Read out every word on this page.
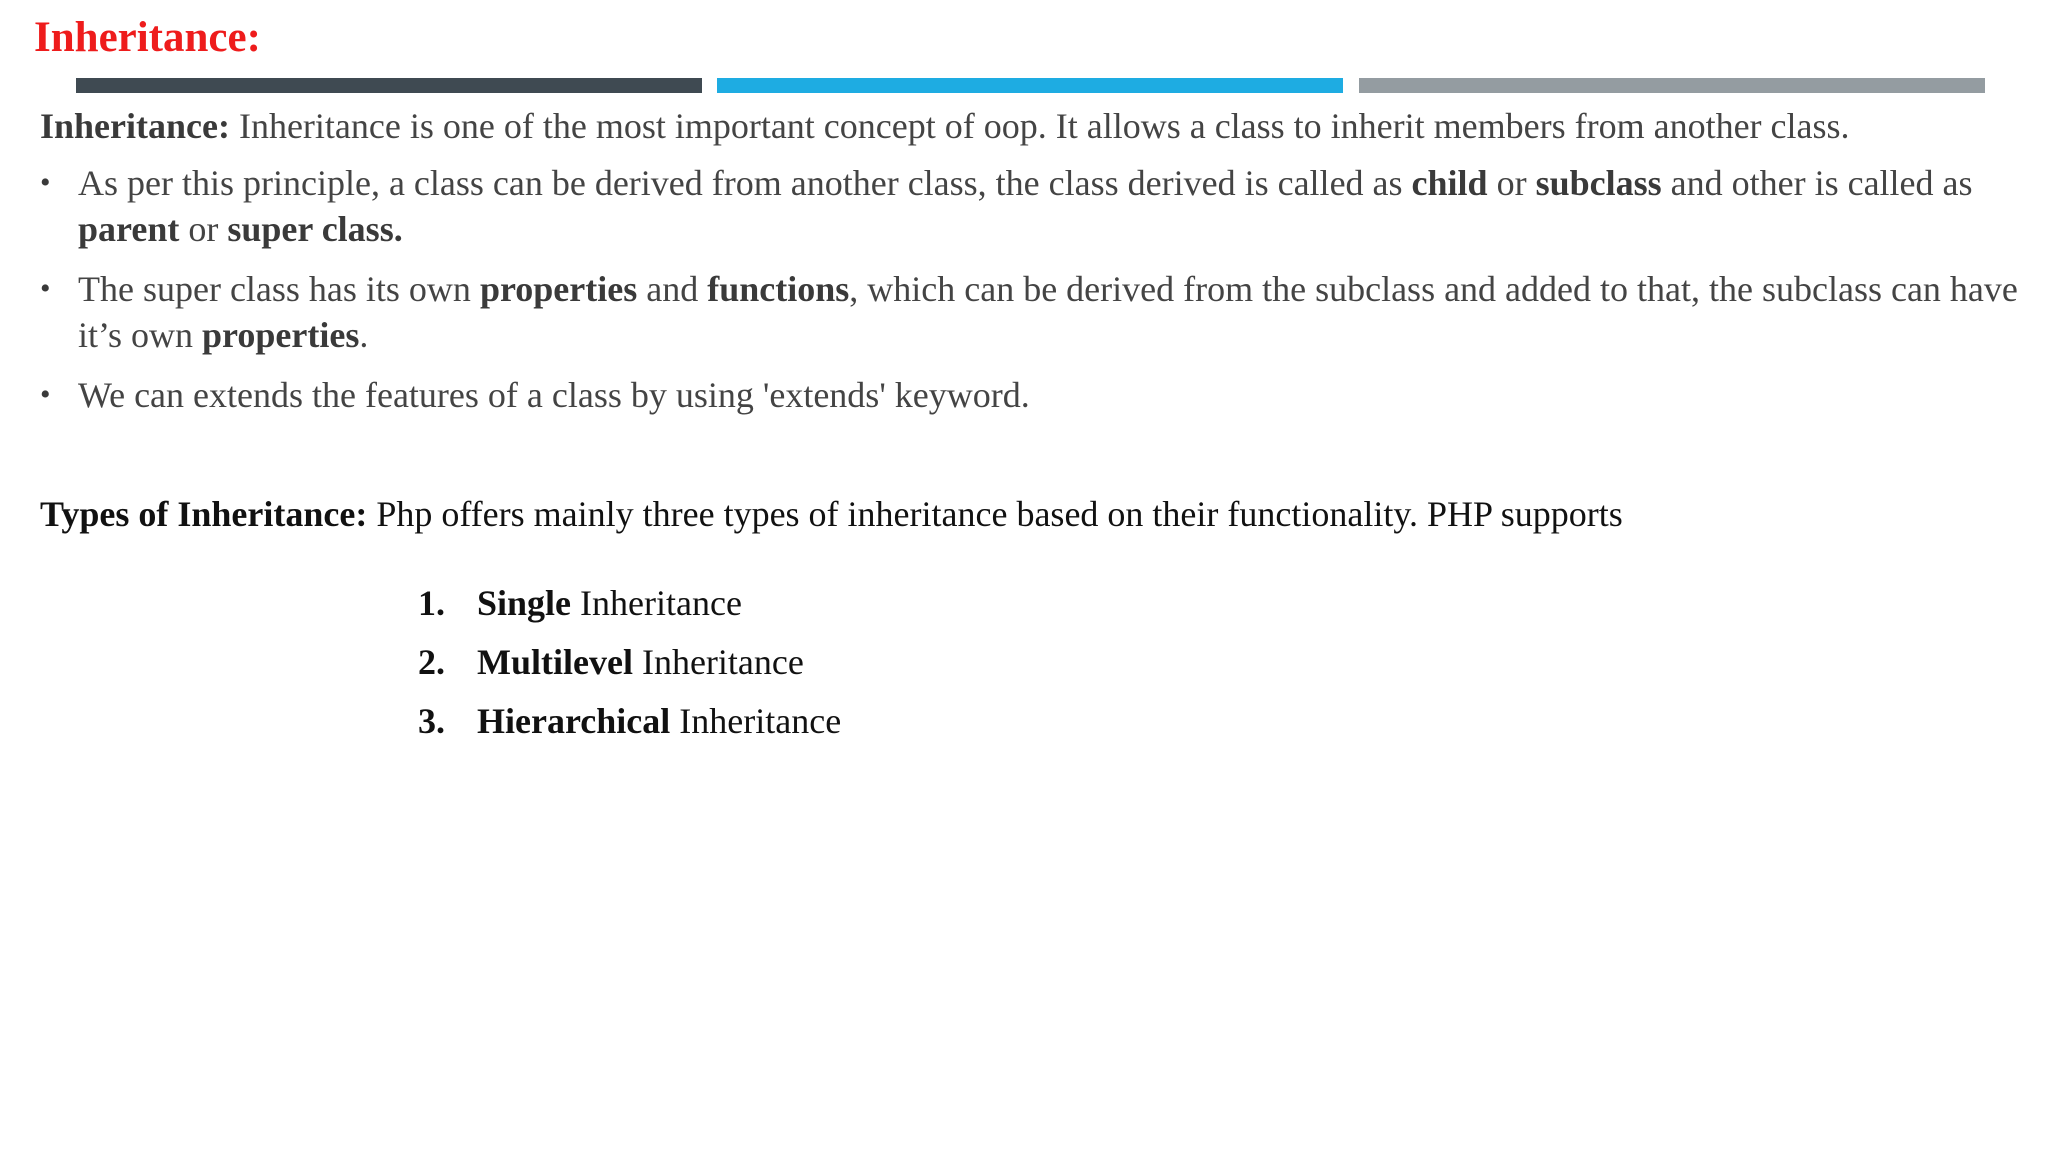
Inheritance:
Inheritance: Inheritance is one of the most important concept of oop. It allows a class to inherit members from another class.
• As per this principle, a class can be derived from another class, the class derived is called as child or subclass and other is called as parent or super class.
• The super class has its own properties and functions, which can be derived from the subclass and added to that, the subclass can have it’s own properties.
• We can extends the features of a class by using 'extends' keyword.
Types of Inheritance: Php offers mainly three types of inheritance based on their functionality. PHP supports
1. Single Inheritance
2. Multilevel Inheritance
3. Hierarchical Inheritance
